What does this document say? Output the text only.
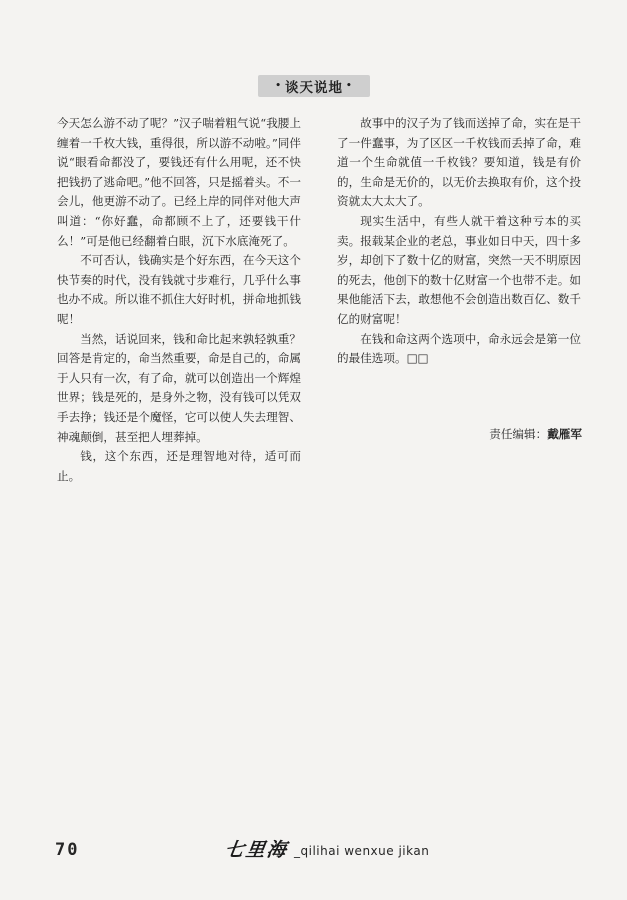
• 谈天说地 •

今天怎么游不动了呢？”汉子喘着粗气说“我腰上缠着一千枚大钱，重得很，所以游不动啦。”同伴说“眼看命都没了，要钱还有什么用呢，还不快把钱扔了逃命吧。”他不回答，只是摇着头。不一会儿，他更游不动了。已经上岸的同伴对他大声叫道：“你好蠢，命都顾不上了，还要钱干什么！”可是他已经翻着白眼，沉下水底淹死了。

不可否认，钱确实是个好东西，在今天这个快节奏的时代，没有钱就寸步难行，几乎什么事也办不成。所以谁不抓住大好时机，拼命地抓钱呢！

当然，话说回来，钱和命比起来孰轻孰重？回答是肯定的，命当然重要，命是自己的，命属于人只有一次，有了命，就可以创造出一个辉煌世界；钱是死的，是身外之物，没有钱可以凭双手去挣；钱还是个魔怪，它可以使人失去理智、神魂颠倒，甚至把人埋葬掉。

钱，这个东西，还是理智地对待，适可而止。

故事中的汉子为了钱而送掉了命，实在是干了一件蠢事，为了区区一千枚钱而丢掉了命，难道一个生命就值一千枚钱？要知道，钱是有价的，生命是无价的，以无价去换取有价，这个投资就太大太大了。

现实生活中，有些人就干着这种亏本的买卖。报载某企业的老总，事业如日中天，四十多岁，却创下了数十亿的财富，突然一天不明原因的死去，他创下的数十亿财富一个也带不走。如果他能活下去，敢想他不会创造出数百亿、数千亿的财富呢！

在钱和命这两个选项中，命永远会是第一位的最佳选项。□□

责任编辑：戴雁军
70	七里海 _qilihai wenxue jikan
